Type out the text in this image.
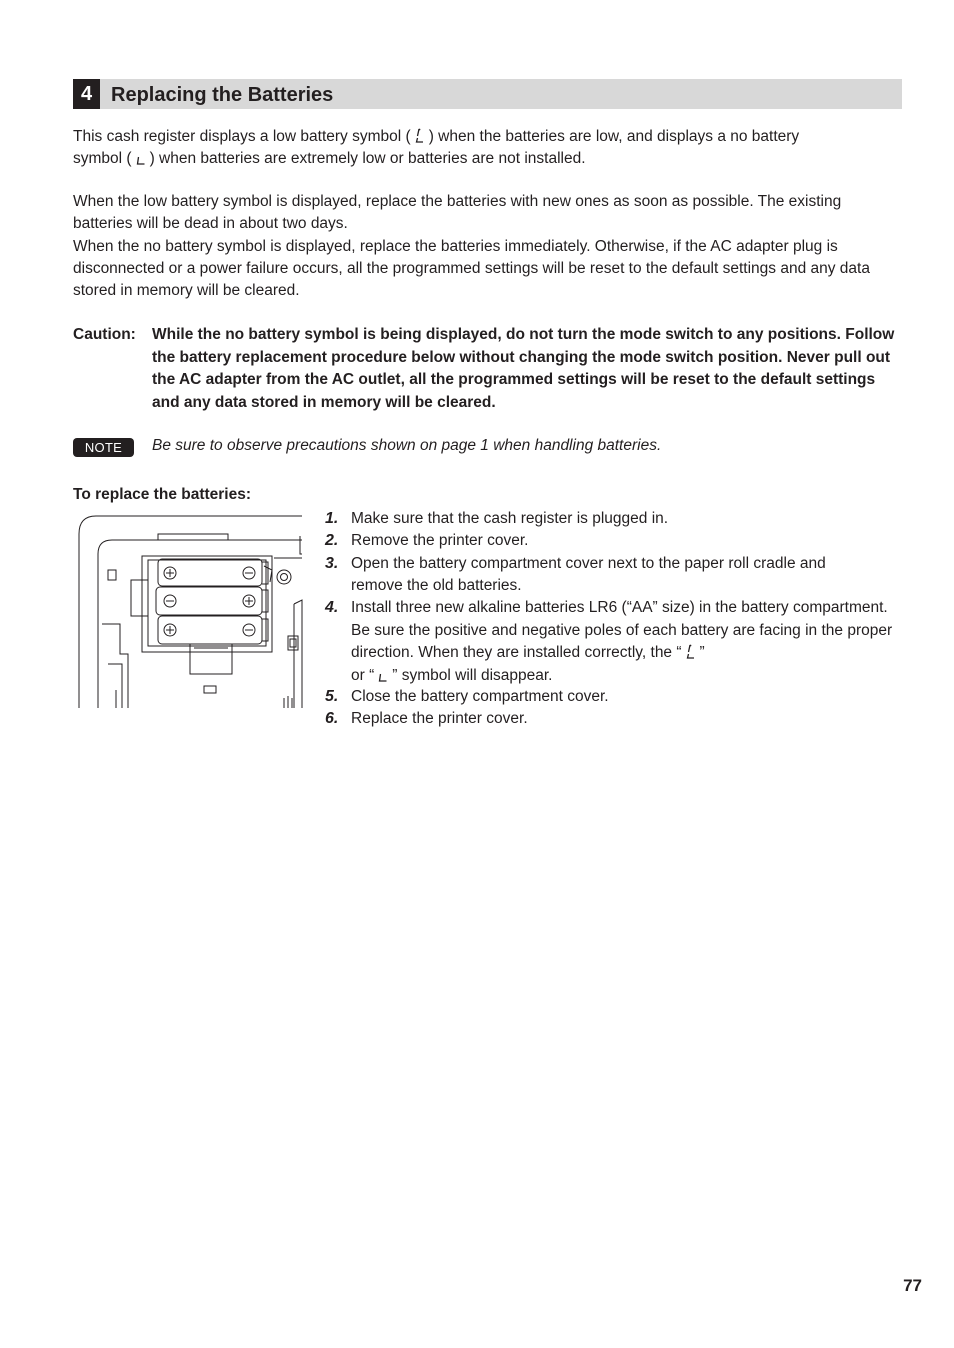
4 Replacing the Batteries
This cash register displays a low battery symbol ( ) when the batteries are low, and displays a no battery
symbol ( ) when batteries are extremely low or batteries are not installed.
When the low battery symbol is displayed, replace the batteries with new ones as soon as possible. The existing batteries will be dead in about two days.
When the no battery symbol is displayed, replace the batteries immediately. Otherwise, if the AC adapter plug is disconnected or a power failure occurs, all the programmed settings will be reset to the default settings and any data stored in memory will be cleared.
Caution: While the no battery symbol is being displayed, do not turn the mode switch to any positions. Follow the battery replacement procedure below without changing the mode switch position. Never pull out the AC adapter from the AC outlet, all the programmed settings will be reset to the default settings and any data stored in memory will be cleared.
NOTE	Be sure to observe precautions shown on page 1 when handling batteries.
To replace the batteries:
1. Make sure that the cash register is plugged in.
2. Remove the printer cover.
3. Open the battery compartment cover next to the paper roll cradle and remove the old batteries.
4. Install three new alkaline batteries LR6 (“AA” size) in the battery compartment. Be sure the positive and negative poles of each battery are facing in the proper direction. When they are installed correctly, the “ ”
or “ ” symbol will disappear.
5. Close the battery compartment cover.
6. Replace the printer cover.
77
